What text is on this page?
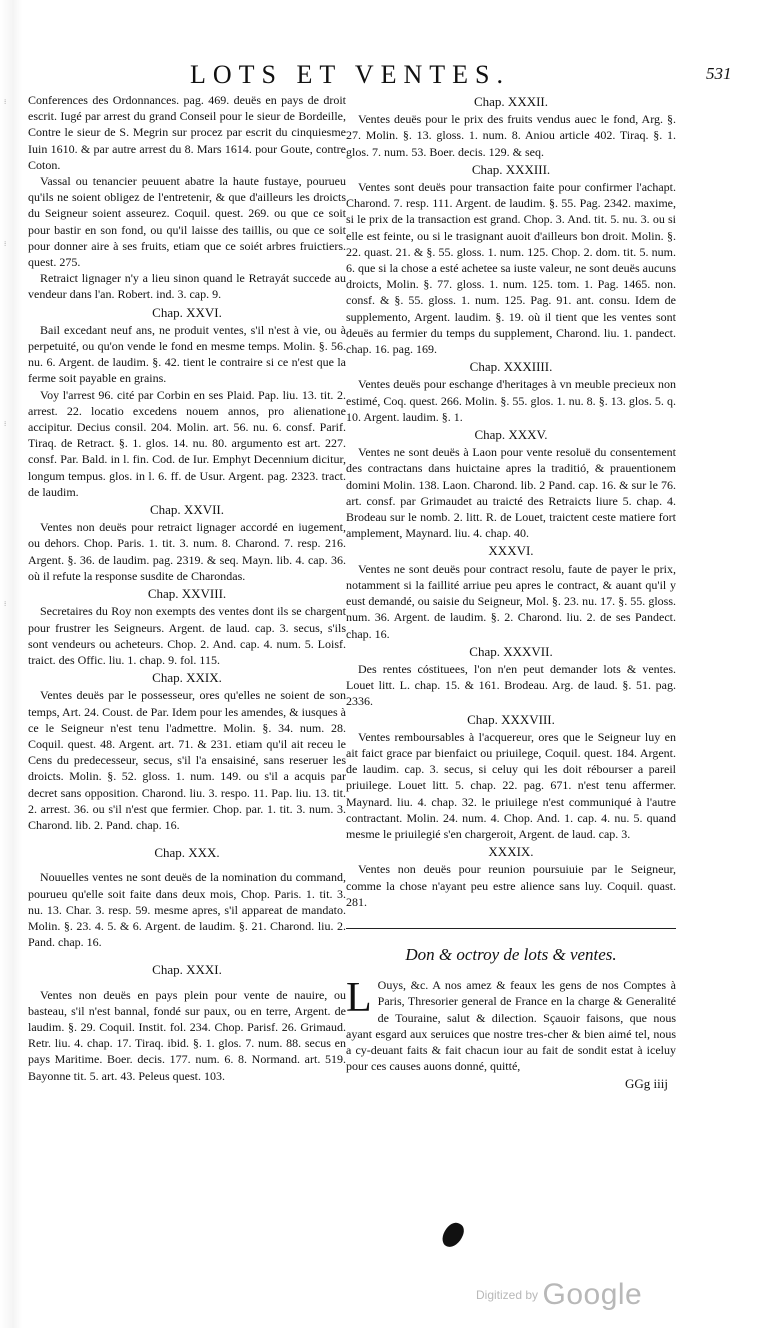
⁝
⁝
⁝
⁝
LOTS ET VENTES.	531

Conferences des Ordonnances. pag. 469. deuës en pays de droit escrit. Iugé par arrest du grand Conseil pour le sieur de Bordeille, Contre le sieur de S. Megrin sur procez par escrit du cinquiesme Iuin 1610. & par autre arrest du 8. Mars 1614. pour Goute, contre Coton.

Vassal ou tenancier peuuent abatre la haute fustaye, pourueu qu'ils ne soient obligez de l'entretenir, & que d'ailleurs les droicts du Seigneur soient asseurez. Coquil. quest. 269. ou que ce soit pour bastir en son fond, ou qu'il laisse des taillis, ou que ce soit pour donner aire à ses fruits, etiam que ce soiét arbres fruictiers. quest. 275.

Retraict lignager n'y a lieu sinon quand le Retrayát succede au vendeur dans l'an. Robert. ind. 3. cap. 9.

Chap. XXVI.

Bail excedant neuf ans, ne produit ventes, s'il n'est à vie, ou à perpetuité, ou qu'on vende le fond en mesme temps. Molin. §. 56. nu. 6. Argent. de laudim. §. 42. tient le contraire si ce n'est que la ferme soit payable en grains.

Voy l'arrest 96. cité par Corbin en ses Plaid. Pap. liu. 13. tit. 2. arrest. 22. locatio excedens nouem annos, pro alienatione accipitur. Decius consil. 204. Molin. art. 56. nu. 6. consf. Parif. Tiraq. de Retract. §. 1. glos. 14. nu. 80. argumento est art. 227. consf. Par. Bald. in l. fin. Cod. de Iur. Emphyt Decennium dicitur, longum tempus. glos. in l. 6. ff. de Usur. Argent. pag. 2323. tract. de laudim.

Chap. XXVII.

Ventes non deuës pour retraict lignager accordé en iugement, ou dehors. Chop. Paris. 1. tit. 3. num. 8. Charond. 7. resp. 216. Argent. §. 36. de laudim. pag. 2319. & seq. Mayn. lib. 4. cap. 36. où il refute la response susdite de Charondas.

Chap. XXVIII.

Secretaires du Roy non exempts des ventes dont ils se chargent pour frustrer les Seigneurs. Argent. de laud. cap. 3. secus, s'ils sont vendeurs ou acheteurs. Chop. 2. And. cap. 4. num. 5. Loisf. traict. des Offic. liu. 1. chap. 9. fol. 115.

Chap. XXIX.

Ventes deuës par le possesseur, ores qu'elles ne soient de son temps, Art. 24. Coust. de Par. Idem pour les amendes, & iusques à ce le Seigneur n'est tenu l'admettre. Molin. §. 34. num. 28. Coquil. quest. 48. Argent. art. 71. & 231. etiam qu'il ait receu le Cens du predecesseur, secus, s'il l'a ensaisiné, sans reseruer les droicts. Molin. §. 52. gloss. 1. num. 149. ou s'il a acquis par decret sans opposition. Charond. liu. 3. respo. 11. Pap. liu. 13. tit. 2. arrest. 36. ou s'il n'est que fermier. Chop. par. 1. tit. 3. num. 3. Charond. lib. 2. Pand. chap. 16.

Chap. XXX.

Nouuelles ventes ne sont deuës de la nomination du command, pourueu qu'elle soit faite dans deux mois, Chop. Paris. 1. tit. 3. nu. 13. Char. 3. resp. 59. mesme apres, s'il appareat de mandato. Molin. §. 23. 4. 5. & 6. Argent. de laudim. §. 21. Charond. liu. 2. Pand. chap. 16.

Chap. XXXI.

Ventes non deuës en pays plein pour vente de nauire, ou basteau, s'il n'est bannal, fondé sur paux, ou en terre, Argent. de laudim. §. 29. Coquil. Instit. fol. 234. Chop. Parisf. 26. Grimaud. Retr. liu. 4. chap. 17. Tiraq. ibid. §. 1. glos. 7. num. 88. secus en pays Maritime. Boer. decis. 177. num. 6. 8. Normand. art. 519. Bayonne tit. 5. art. 43. Peleus quest. 103.

Chap. XXXII.

Ventes deuës pour le prix des fruits vendus auec le fond, Arg. §. 27. Molin. §. 13. gloss. 1. num. 8. Aniou article 402. Tiraq. §. 1. glos. 7. num. 53. Boer. decis. 129. & seq.

Chap. XXXIII.

Ventes sont deuës pour transaction faite pour confirmer l'achapt. Charond. 7. resp. 111. Argent. de laudim. §. 55. Pag. 2342. maxime, si le prix de la transaction est grand. Chop. 3. And. tit. 5. nu. 3. ou si elle est feinte, ou si le trasignant auoit d'ailleurs bon droit. Molin. §. 22. quast. 21. & §. 55. gloss. 1. num. 125. Chop. 2. dom. tit. 5. num. 6. que si la chose a esté achetee sa iuste valeur, ne sont deuës aucuns droicts, Molin. §. 77. gloss. 1. num. 125. tom. 1. Pag. 1465. non. consf. & §. 55. gloss. 1. num. 125. Pag. 91. ant. consu. Idem de supplemento, Argent. laudim. §. 19. où il tient que les ventes sont deuës au fermier du temps du supplement, Charond. liu. 1. pandect. chap. 16. pag. 169.

Chap. XXXIIII.

Ventes deuës pour eschange d'heritages à vn meuble precieux non estimé, Coq. quest. 266. Molin. §. 55. glos. 1. nu. 8. §. 13. glos. 5. q. 10. Argent. laudim. §. 1.

Chap. XXXV.

Ventes ne sont deuës à Laon pour vente resoluë du consentement des contractans dans huictaine apres la traditió, & prauentionem domini Molin. 138. Laon. Charond. lib. 2 Pand. cap. 16. & sur le 76. art. consf. par Grimaudet au traicté des Retraicts liure 5. chap. 4. Brodeau sur le nomb. 2. litt. R. de Louet, traictent ceste matiere fort amplement, Maynard. liu. 4. chap. 40.

XXXVI.

Ventes ne sont deuës pour contract resolu, faute de payer le prix, notamment si la faillité arriue peu apres le contract, & auant qu'il y eust demandé, ou saisie du Seigneur, Mol. §. 23. nu. 17. §. 55. gloss. num. 36. Argent. de laudim. §. 2. Charond. liu. 2. de ses Pandect. chap. 16.

Chap. XXXVII.

Des rentes cóstituees, l'on n'en peut demander lots & ventes. Louet litt. L. chap. 15. & 161. Brodeau. Arg. de laud. §. 51. pag. 2336.

Chap. XXXVIII.

Ventes remboursables à l'acquereur, ores que le Seigneur luy en ait faict grace par bienfaict ou priuilege, Coquil. quest. 184. Argent. de laudim. cap. 3. secus, si celuy qui les doit rébourser a pareil priuilege. Louet litt. 5. chap. 22. pag. 671. n'est tenu affermer. Maynard. liu. 4. chap. 32. le priuilege n'est communiqué à l'autre contractant. Molin. 24. num. 4. Chop. And. 1. cap. 4. nu. 5. quand mesme le priuilegié s'en chargeroit, Argent. de laud. cap. 3.

XXXIX.

Ventes non deuës pour reunion poursuiuie par le Seigneur, comme la chose n'ayant peu estre alience sans luy. Coquil. quast. 281.

Don & octroy de lots & ventes.
L Ouys, &c. A nos amez & feaux les gens de nos Comptes à Paris, Thresorier general de France en la charge & Generalité de Touraine, salut & dilection. Sçauoir faisons, que nous ayant esgard aux seruices que nostre tres-cher & bien aimé tel, nous a cy-deuant faits & fait chacun iour au fait de sondit estat à iceluy pour ces causes auons donné, quitté,
GGg iiij
Digitized by Google
